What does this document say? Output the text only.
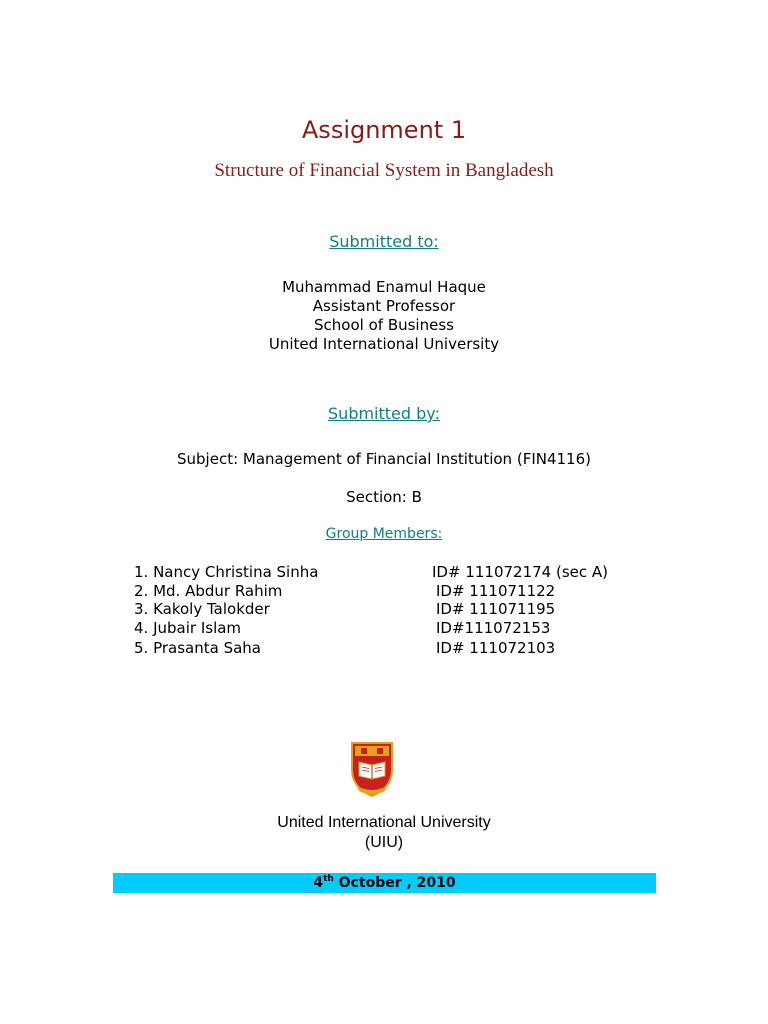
Assignment 1
Structure of Financial System in Bangladesh
Submitted to:
Muhammad Enamul Haque
Assistant Professor
School of Business
United International University
Submitted by:
Subject: Management of Financial Institution (FIN4116)
Section: B
Group Members:
1. Nancy Christina Sinha	ID# 111072174 (sec A)
2. Md. Abdur Rahim	ID# 111071122
3. Kakoly Talokder	ID# 111071195
4. Jubair Islam	ID#111072153
5. Prasanta Saha	ID# 111072103
United International University
(UIU)
4th October , 2010
